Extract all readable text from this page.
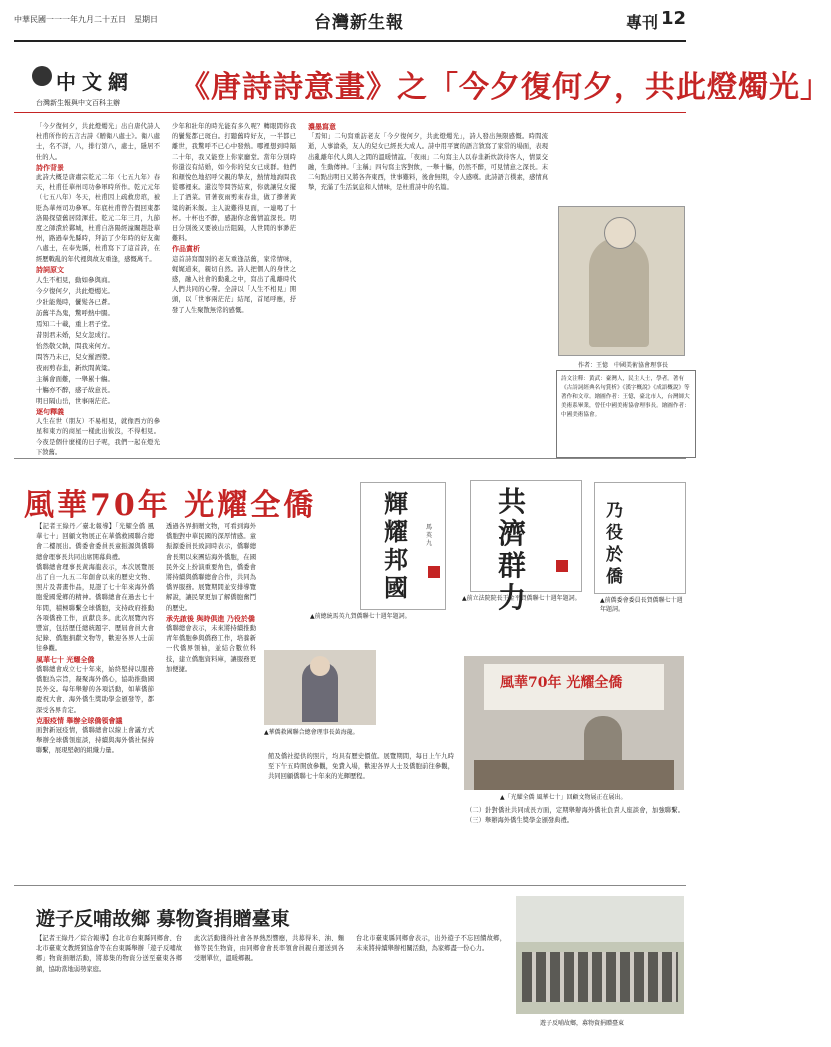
中華民國一一一年九月二十五日　星期日	台灣新生報	專刊 12
中文網
台灣新生報與中文百科主辦	《唐詩詩意畫》之「今夕復何夕，共此燈燭光」
「今夕復何夕，共此燈燭光」出自唐代詩人杜甫所作的五言古詩《贈衛八處士》。衛八處士，名不詳，八，排行第八，處士，隱居不仕的人。
詩作背景
此詩大概是唐肅宗乾元二年（七五九年）春天，杜甫任華州司功參軍時所作。乾元元年（七五八年）冬天，杜甫因上疏救房琯，被貶為華州司功參軍。年底杜甫曾告假回東都洛陽探望舊居陸渾莊。乾元二年三月，九節度之師潰於鄴城，杜甫自洛陽經潼關趕赴華州，路過奉先縣時，拜訪了少年時的好友衛八處士，在奉先縣，杜甫寫下了這首詩，在經歷戰亂的年代裡與故友重逢，感慨萬千。
詩詞原文
人生不相見，動如參與商。
今夕復何夕，共此燈燭光。
少壯能幾時，鬢髮各已蒼。
訪舊半為鬼，驚呼熱中腸。
焉知二十載，重上君子堂。
昔別君未婚，兒女忽成行。
怡然敬父執，問我來何方。
問答乃未已，兒女羅酒漿。
夜雨剪春韭，新炊間黃粱。
主稱會面難，一舉累十觴。
十觴亦不醉，感子故意長。
明日隔山岳，世事兩茫茫。
逐句釋義
人生在世（朋友）不易相見，就像西方的參星和東方的商星一樣此出彼沒，不得相見。今夜是個什麼樣的日子呢，我們一起在燈光下敘舊。
少年和壯年的時光能有多久呢？轉眼間你我的鬢髮都已斑白。打聽舊時好友，一半都已離世，我驚呼不已心中發熱。哪裡想到時隔二十年，我又能登上你家廳堂。當年分別時你還沒有結婚，如今你的兒女已成群。他們和顏悅色地招呼父親的摯友，熱情地詢問我從哪裡來。還沒等問答結束，你就讓兒女擺上了酒菜。冒著夜雨剪來春韭，做了摻著黃粱的新米飯。主人說難得見面，一連喝了十杯。十杯也不醉，感謝你念舊情誼深長。明日分別後又要被山岳阻隔，人世間的事渺茫難料。
作品賞析
這首詩寫闊別的老友重逢話舊，家常情味，娓娓道來，親切自然。詩人把個人的身世之感，融入社會的動亂之中，寫出了亂離時代人們共同的心聲。全詩以「人生不相見」開頭，以「世事兩茫茫」結尾，首尾呼應，抒發了人生聚散無常的感慨。
濃墨寫意
「焉知」二句寫重訪老友「今夕復何夕，共此燈燭光」，詩人發出無限感慨。時間流逝，人事滄桑，友人的兒女已經長大成人。詩中用平實的語言敘寫了家常的場面，表現出亂離年代人與人之間的溫暖情誼。「夜雨」二句寫主人以春韭新炊款待客人，情景交融，生動傳神。「主稱」四句寫主客對飲，一舉十觴，仍然不醉，可見情意之深長。末二句點出明日又將各奔東西，世事難料，後會無期，令人感嘆。此詩語言樸素，感情真摯，充滿了生活氣息和人情味，是杜甫詩中的名篇。
作者：王憶　中國美術協會理事長
詩文注釋：黃武：臺灣人，民主人士，學者。著有《古詩詞經典名句賞析》《漢字概說》《成語概說》等著作和文章。繪圖作者：王憶，臺北市人，台灣師大美術系畢業，曾任中國美術協會理事長。繪圖作者：中國美術協會。
風華70年 光耀全僑
【記者王綠丹／臺北報導】「光耀全僑 風華七十」回顧文物展正在華僑救國聯合總會二樓展出。僑委會委員長童振源與僑聯總會理事長共同出席開幕典禮。
僑聯總會理事長黃海龍表示，本次展覽展出了自一九五二年創會以來的歷史文物、照片及書畫作品，見證了七十年來海外僑胞愛國愛鄉的精神。僑聯總會在過去七十年間，積極聯繫全球僑胞，支持政府推動各項僑務工作，貢獻良多。此次展覽內容豐富，包括歷任總統題字、歷屆會員大會紀錄、僑胞捐獻文物等，歡迎各界人士前往參觀。
風華七十 光耀全僑
僑聯總會成立七十年來，始終堅持以服務僑胞為宗旨，凝聚海外僑心，協助推動國民外交。每年舉辦的各項活動，如華僑節慶祝大會、海外僑生獎助學金頒發等，都深受各界肯定。
克服疫情 舉辦全球僑領會議
面對新冠疫情，僑聯總會以線上會議方式舉辦全球僑領座談，持續與海外僑社保持聯繫，展現堅韌的組織力量。
透過各界捐贈文物，可看到海外僑胞對中華民國的深厚情感。童振源委員長致詞時表示，僑聯總會長期以來團結海外僑胞，在國民外交上扮演重要角色，僑委會將持續與僑聯總會合作，共同為僑界服務。展覽期間並安排導覽解說，讓民眾更加了解僑胞奮鬥的歷史。
承先啟後 與時俱進 乃役於僑
僑聯總會表示，未來將持續推動青年僑胞參與僑務工作，培養新一代僑界領袖，並結合數位科技，建立僑胞資料庫，讓服務更加便捷。
輝耀邦國
馬英九
▲前總統馬英九賀僑聯七十週年題詞。
共濟群力
▲前立法院院長王金平賀僑聯七十週年題詞。
乃役於僑
▲前僑委會委員長賀僑聯七十週年題詞。
▲華僑救國聯合總會理事長黃海龍。
風華70年 光耀全僑
▲「光耀全僑 風華七十」回顧文物展正在展出。
館及僑社提供的照片，均具有歷史價值。展覽期間，每日上午九時至下午五時開放參觀，免費入場，歡迎各界人士及僑胞前往參觀，共同回顧僑聯七十年來的光輝歷程。
（二）針對僑社共同成長方面，定期舉辦海外僑社負責人座談會，加強聯繫。（三）舉辦海外僑生獎學金頒發典禮。
遊子反哺故鄉 募物資捐贈臺東
【記者王綠丹／綜合報導】台北市台東縣同鄉會、台北市臺東文教經貿協會等在台東縣舉辦「遊子反哺故鄉」物資捐贈活動，將募集的物資分送至臺東各鄉鎮，協助當地弱勢家庭。
此次活動獲得社會各界熱烈響應，共募得米、油、麵條等民生物資，由同鄉會會長率領會員親自運送到各受贈單位，溫暖鄉親。
台北市臺東縣同鄉會表示，出外遊子不忘回饋故鄉，未來將持續舉辦相關活動，為家鄉盡一份心力。
遊子反哺故鄉，募物資捐贈臺東
